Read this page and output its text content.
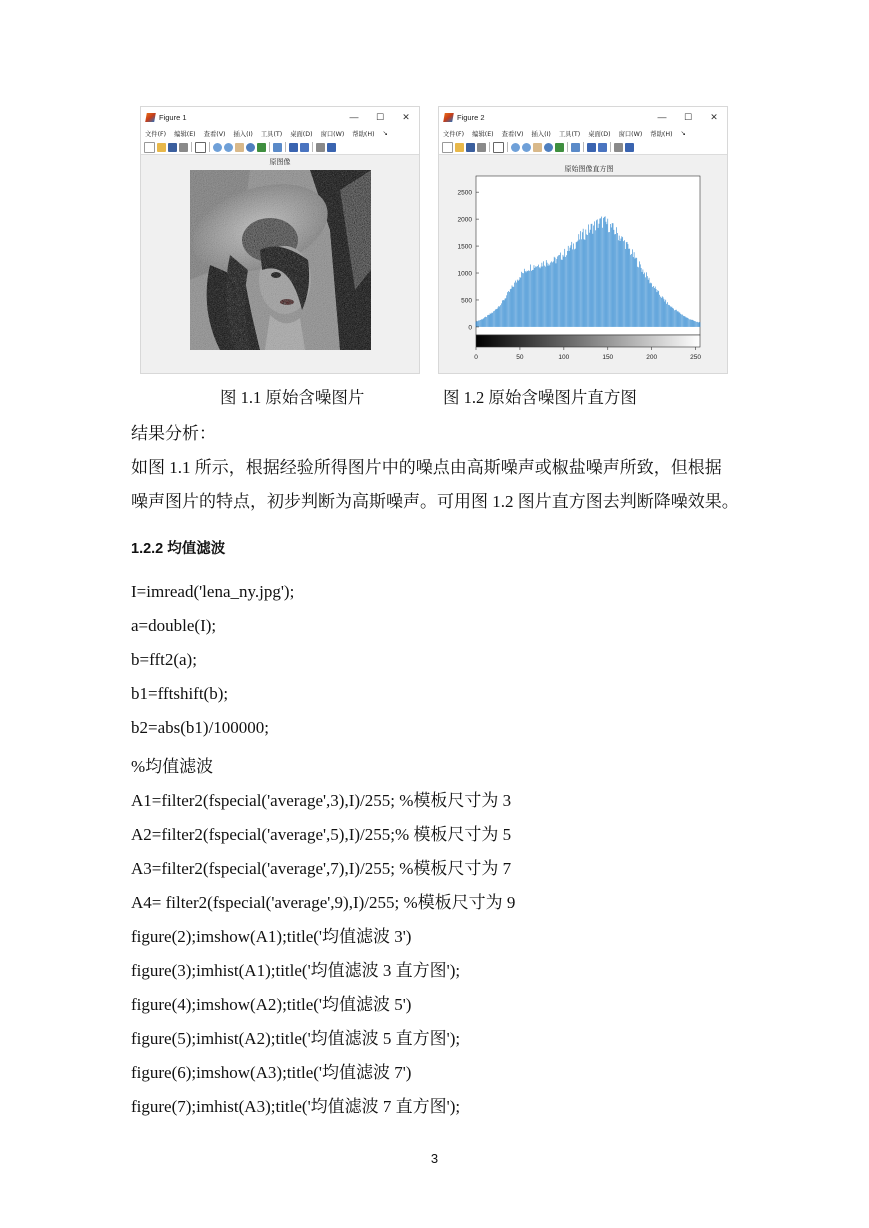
Figure 1	—	☐	✕
文件(F) 编辑(E) 查看(V) 插入(I) 工具(T) 桌面(D) 窗口(W) 帮助(H) ↘
原图像
Figure 2	—	☐	✕
文件(F) 编辑(E) 查看(V) 插入(I) 工具(T) 桌面(D) 窗口(W) 帮助(H) ↘
原始图像直方图
0
500
1000
1500
2000
2500
0	50	100	150	200	250
图 1.1 原始含噪图片	图 1.2 原始含噪图片直方图
结果分析：
如图 1.1 所示，根据经验所得图片中的噪点由高斯噪声或椒盐噪声所致，但根据
噪声图片的特点，初步判断为高斯噪声。可用图 1.2 图片直方图去判断降噪效果。
1.2.2 均值滤波
I=imread('lena_ny.jpg');
a=double(I);
b=fft2(a);
b1=fftshift(b);
b2=abs(b1)/100000;
%均值滤波
A1=filter2(fspecial('average',3),I)/255; %模板尺寸为 3
A2=filter2(fspecial('average',5),I)/255;% 模板尺寸为 5
A3=filter2(fspecial('average',7),I)/255; %模板尺寸为 7
A4= filter2(fspecial('average',9),I)/255; %模板尺寸为 9
figure(2);imshow(A1);title('均值滤波 3')
figure(3);imhist(A1);title('均值滤波 3 直方图');
figure(4);imshow(A2);title('均值滤波 5')
figure(5);imhist(A2);title('均值滤波 5 直方图');
figure(6);imshow(A3);title('均值滤波 7')
figure(7);imhist(A3);title('均值滤波 7 直方图');
3
